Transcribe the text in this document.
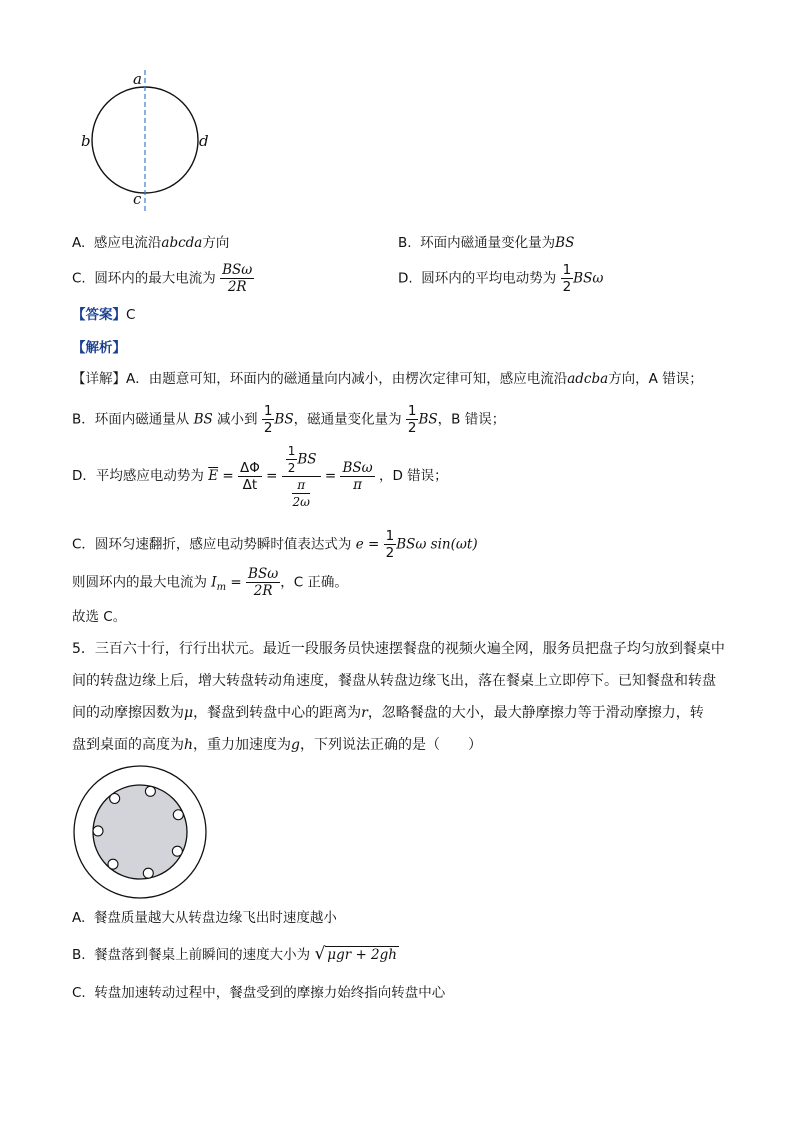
a
b
c
d
A. 感应电流沿abcda方向	B. 环面内磁通量变化量为BS
C. 圆环内的最大电流为 $\frac{\text{BSω}}{2R}$	D. 圆环内的平均电动势为 $\frac{1}{2}$ BSω
【答案】C
【解析】
【详解】A．由题意可知，环面内的磁通量向内减小，由楞次定律可知，感应电流沿adcba方向，A 错误；
B．环面内磁通量从 BS 减小到 $\frac{1}{2}$ BS，磁通量变化量为 $\frac{1}{2}$ BS，B 错误；
D．平均感应电动势为 $\overline{E} = \frac{\Delta\Phi}{\Delta t} = \frac{\frac{1}{2} BS}{\frac{\pi}{2\omega}} = \frac{\text{BSω}}{\pi}$ ，D 错误；
C．圆环匀速翻折，感应电动势瞬时值表达式为 $e = \frac{1}{2}$ BSω sin(ωt)
则圆环内的最大电流为 $I_m = \frac{\text{BSω}}{2R}$ ，C 正确。
故选 C。
5．三百六十行，行行出状元。最近一段服务员快速摆餐盘的视频火遍全网，服务员把盘子均匀放到餐桌中
间的转盘边缘上后，增大转盘转动角速度，餐盘从转盘边缘飞出，落在餐桌上立即停下。已知餐盘和转盘
间的动摩擦因数为μ，餐盘到转盘中心的距离为r，忽略餐盘的大小，最大静摩擦力等于滑动摩擦力，转
盘到桌面的高度为h，重力加速度为g，下列说法正确的是（　　）
A. 餐盘质量越大从转盘边缘飞出时速度越小
B. 餐盘落到餐桌上前瞬间的速度大小为 √ μgr + 2gh
C. 转盘加速转动过程中，餐盘受到的摩擦力始终指向转盘中心
